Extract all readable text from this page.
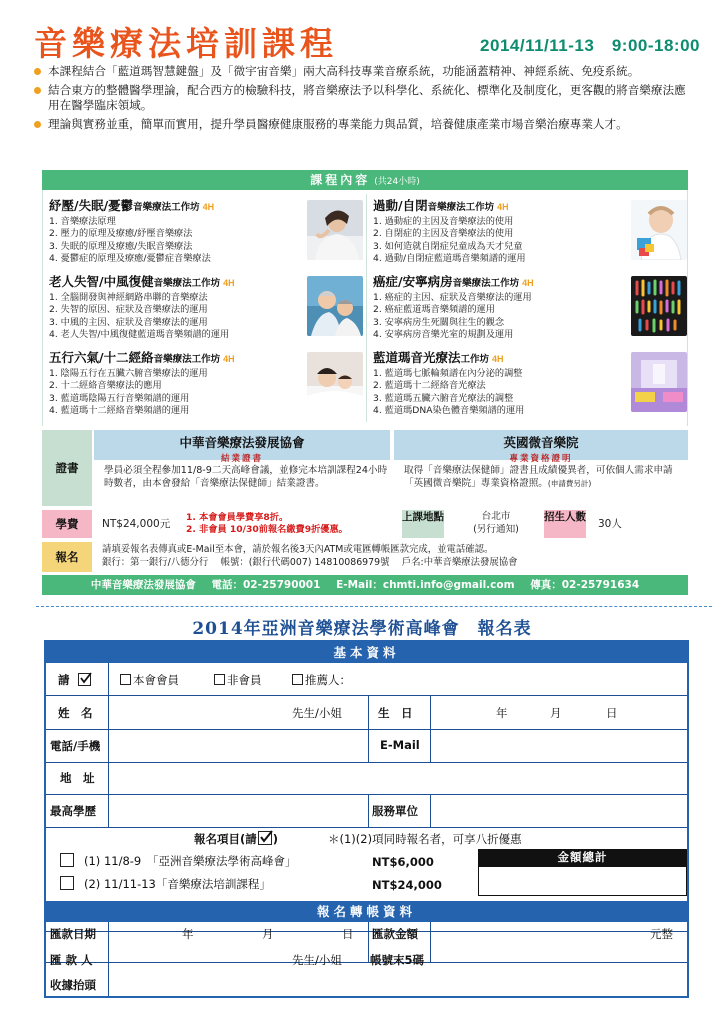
音樂療法培訓課程	2014/11/11-13　9:00-18:00
本課程結合「藍道瑪智慧鍵盤」及「微宇宙音樂」兩大高科技專業音療系統，功能涵蓋精神、神經系統、免疫系統。
結合東方的整體醫學理論，配合西方的檢驗科技，將音樂療法予以科學化、系統化、標準化及制度化，更客觀的將音樂療法應用在醫學臨床領域。
理論與實務並重，簡單而實用，提升學員醫療健康服務的專業能力與品質，培養健康產業市場音樂治療專業人才。
課程內容 (共24小時)
紓壓/失眠/憂鬱音樂療法工作坊 4H
1. 音樂療法原理
2. 壓力的原理及療癒/紓壓音樂療法
3. 失眠的原理及療癒/失眠音樂療法
4. 憂鬱症的原理及療癒/憂鬱症音樂療法
過動/自閉音樂療法工作坊 4H
1. 過動症的主因及音樂療法的使用
2. 自閉症的主因及音樂療法的使用
3. 如何造就自閉症兒童成為天才兒童
4. 過動/自閉症藍道瑪音樂頻譜的運用
老人失智/中風復健音樂療法工作坊 4H
1. 全腦開發與神經網路串聯的音樂療法
2. 失智的原因、症狀及音樂療法的運用
3. 中風的主因、症狀及音樂療法的運用
4. 老人失智/中風復健藍道瑪音樂頻譜的運用
癌症/安寧病房音樂療法工作坊 4H
1. 癌症的主因、症狀及音樂療法的運用
2. 癌症藍道瑪音樂頻譜的運用
3. 安寧病房生死關與往生的觀念
4. 安寧病房音樂光室的規劃及運用
五行六氣/十二經絡音樂療法工作坊 4H
1. 陰陽五行在五臟六腑音樂療法的運用
2. 十二經絡音樂療法的應用
3. 藍道瑪陰陽五行音樂頻譜的運用
4. 藍道瑪十二經絡音樂頻譜的運用
藍道瑪音光療法工作坊 4H
1. 藍道瑪七脈輪頻譜在內分泌的調整
2. 藍道瑪十二經絡音光療法
3. 藍道瑪五臟六腑音光療法的調整
4. 藍道瑪DNA染色體音樂頻譜的運用
中華音樂療法發展協會
結業證書
英國微音樂院
專業資格證明
證書	學員必須全程參加11/8-9二天高峰會議，並修完本培訓課程24小時時數者，由本會發給「音樂療法保健師」結業證書。
取得「音樂療法保健師」證書且成績優異者，可依個人需求申請「英國微音樂院」專業資格證照。(申請費另計)
學費	NT$24,000元
1. 本會會員學費享8折。
2. 非會員 10/30前報名繳費9折優惠。
上課地點	台北市
(另行通知)
招生人數
30人
報名
請填妥報名表傳真或E-Mail至本會，請於報名後3天內ATM或電匯轉帳匯款完成，並電話確認。
銀行：第一銀行/八德分行　 帳號：(銀行代碼007) 14810086979號　 戶名:中華音樂療法發展協會
中華音樂療法發展協會 電話：02-25790001 E-Mail：chmti.info@gmail.com 傳真：02-25791634
2014年亞洲音樂療法學術高峰會　報名表
基本資料
請	本會會員	非會員	推薦人：
姓　名	先生/小姐	生　日	年	月	日
電話/手機	E-Mail
地　址
最高學歷	服務單位
報名項目(請 )	＊(1)(2)項同時報名者，可享八折優惠
金額總計
(1) 11/8-9　「亞洲音樂療法學術高峰會」	NT$6,000
(2) 11/11-13「音樂療法培訓課程」	NT$24,000
報名轉帳資料
匯款日期	年	月	日 匯款金額	元整
匯 款 人	先生/小姐 帳號末5碼
收據抬頭
